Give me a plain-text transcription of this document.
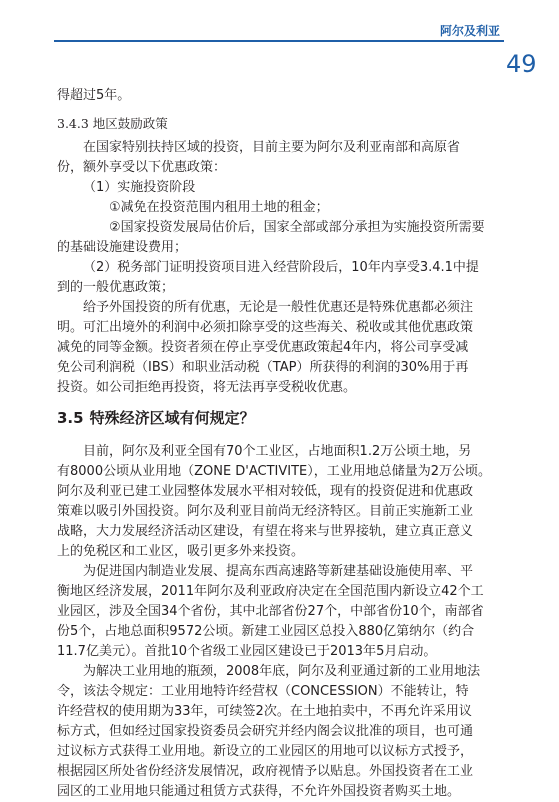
阿尔及利亚
49
得超过5年。
3.4.3 地区鼓励政策
在国家特别扶持区域的投资，目前主要为阿尔及利亚南部和高原省
份，额外享受以下优惠政策：
（1）实施投资阶段
①减免在投资范围内租用土地的租金；
②国家投资发展局估价后，国家全部或部分承担为实施投资所需要
的基础设施建设费用；
（2）税务部门证明投资项目进入经营阶段后，10年内享受3.4.1中提
到的一般优惠政策；
给予外国投资的所有优惠，无论是一般性优惠还是特殊优惠都必须注
明。可汇出境外的利润中必须扣除享受的这些海关、税收或其他优惠政策
减免的同等金额。投资者须在停止享受优惠政策起4年内，将公司享受减
免公司利润税（IBS）和职业活动税（TAP）所获得的利润的30%用于再
投资。如公司拒绝再投资，将无法再享受税收优惠。
3.5 特殊经济区域有何规定？
目前，阿尔及利亚全国有70个工业区，占地面积1.2万公顷土地，另
有8000公顷从业用地（ZONE D'ACTIVITE），工业用地总储量为2万公顷。
阿尔及利亚已建工业园整体发展水平相对较低，现有的投资促进和优惠政
策难以吸引外国投资。阿尔及利亚目前尚无经济特区。目前正实施新工业
战略，大力发展经济活动区建设，有望在将来与世界接轨，建立真正意义
上的免税区和工业区，吸引更多外来投资。
为促进国内制造业发展、提高东西高速路等新建基础设施使用率、平
衡地区经济发展，2011年阿尔及利亚政府决定在全国范围内新设立42个工
业园区，涉及全国34个省份，其中北部省份27个，中部省份10个，南部省
份5个，占地总面积9572公顷。新建工业园区总投入880亿第纳尔（约合
11.7亿美元）。首批10个省级工业园区建设已于2013年5月启动。
为解决工业用地的瓶颈，2008年底，阿尔及利亚通过新的工业用地法
令，该法令规定：工业用地特许经营权（CONCESSION）不能转让，特
许经营权的使用期为33年，可续签2次。在土地拍卖中，不再允许采用议
标方式，但如经过国家投资委员会研究并经内阁会议批准的项目，也可通
过议标方式获得工业用地。新设立的工业园区的用地可以议标方式授予，
根据园区所处省份经济发展情况，政府视情予以贴息。外国投资者在工业
园区的工业用地只能通过租赁方式获得，不允许外国投资者购买土地。
